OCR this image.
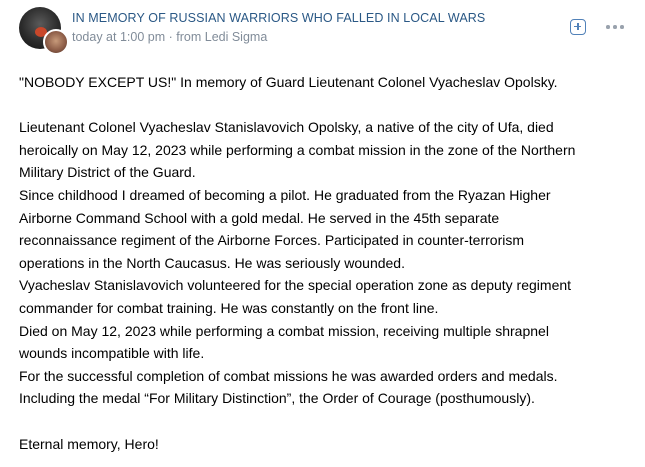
IN MEMORY OF RUSSIAN WARRIORS WHO FALLED IN LOCAL WARS
today at 1:00 pm · from Ledi Sigma
"NOBODY EXCEPT US!" In memory of Guard Lieutenant Colonel Vyacheslav Opolsky.
Lieutenant Colonel Vyacheslav Stanislavovich Opolsky, a native of the city of Ufa, died
heroically on May 12, 2023 while performing a combat mission in the zone of the Northern
Military District of the Guard.
Since childhood I dreamed of becoming a pilot. He graduated from the Ryazan Higher
Airborne Command School with a gold medal. He served in the 45th separate
reconnaissance regiment of the Airborne Forces. Participated in counter-terrorism
operations in the North Caucasus. He was seriously wounded.
Vyacheslav Stanislavovich volunteered for the special operation zone as deputy regiment
commander for combat training. He was constantly on the front line.
Died on May 12, 2023 while performing a combat mission, receiving multiple shrapnel
wounds incompatible with life.
For the successful completion of combat missions he was awarded orders and medals.
Including the medal “For Military Distinction”, the Order of Courage (posthumously).
Eternal memory, Hero!
